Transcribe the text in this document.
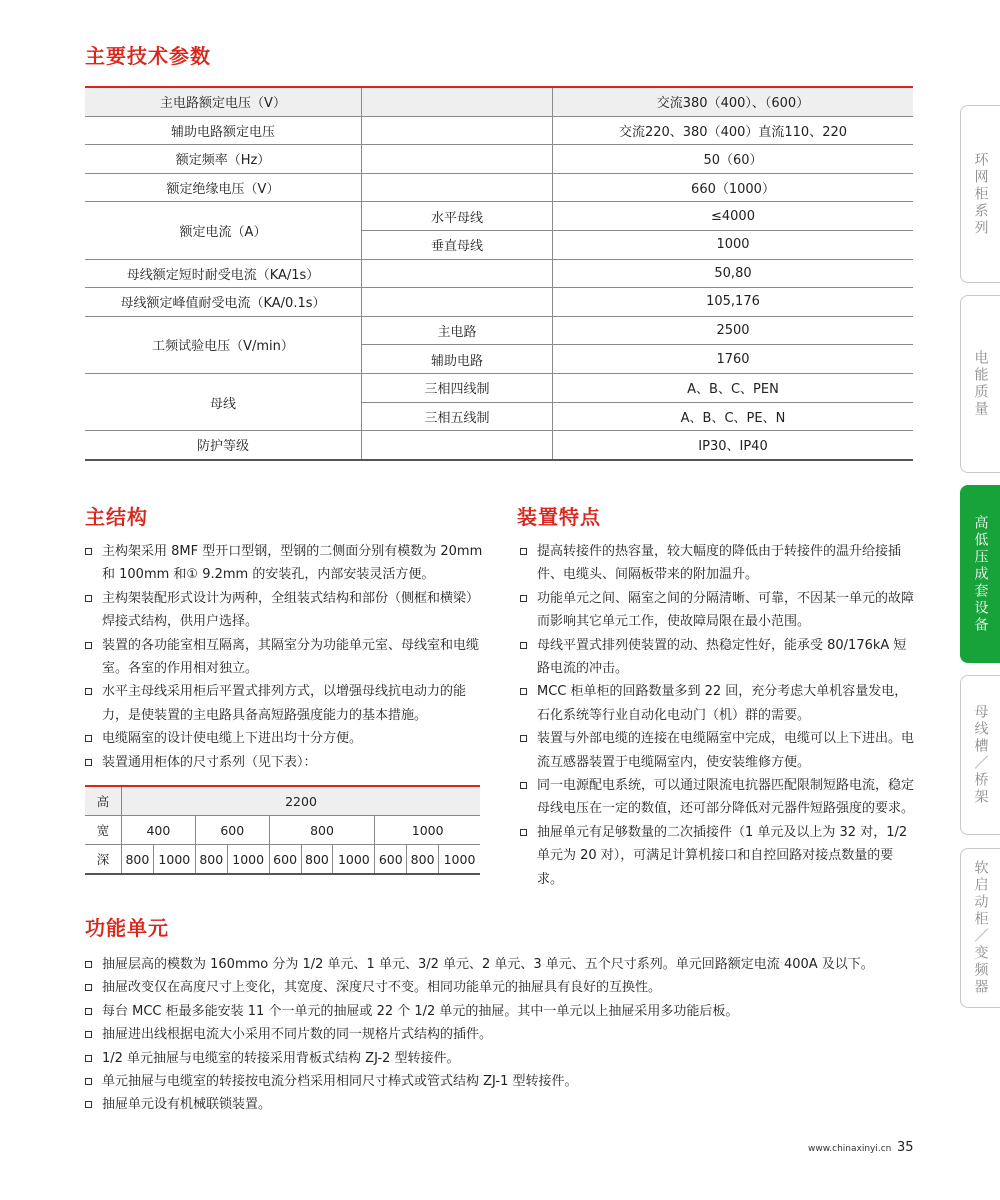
主要技术参数
主结构	装置特点
功能单元
主电路额定电压（V）		交流380（400）、（600）
辅助电路额定电压		交流220、380（400）直流110、220
额定频率（Hz）		50（60）
额定绝缘电压（V）		660（1000）
额定电流（A）	水平母线	≤4000
	垂直母线	1000
母线额定短时耐受电流（KA/1s）		50,80
母线额定峰值耐受电流（KA/0.1s）		105,176
工频试验电压（V/min）	主电路	2500
	辅助电路	1760
母线	三相四线制	A、B、C、PEN
	三相五线制	A、B、C、PE、N
防护等级		IP30、IP40
主构架采用 8MF 型开口型钢，型钢的二侧面分别有模数为 20mm 和 100mm 和① 9.2mm 的安装孔，内部安装灵活方便。
主构架装配形式设计为两种，全组装式结构和部份（侧框和横梁）焊接式结构，供用户选择。
装置的各功能室相互隔离，其隔室分为功能单元室、母线室和电缆室。各室的作用相对独立。
水平主母线采用柜后平置式排列方式，以增强母线抗电动力的能力，是使装置的主电路具备高短路强度能力的基本措施。
电缆隔室的设计使电缆上下进出均十分方便。
装置通用柜体的尺寸系列（见下表）：
高	2200									
宽	400		600		800			1000		
深	800	1000	800	1000	600	800	1000	600	800	1000
提高转接件的热容量，较大幅度的降低由于转接件的温升给接插件、电缆头、间隔板带来的附加温升。
功能单元之间、隔室之间的分隔清晰、可靠，不因某一单元的故障而影响其它单元工作，使故障局限在最小范围。
母线平置式排列使装置的动、热稳定性好，能承受 80/176kA 短路电流的冲击。
MCC 柜单柜的回路数量多到 22 回，充分考虑大单机容量发电，石化系统等行业自动化电动门（机）群的需要。
装置与外部电缆的连接在电缆隔室中完成，电缆可以上下进出。电流互感器装置于电缆隔室内，使安装维修方便。
同一电源配电系统，可以通过限流电抗器匹配限制短路电流，稳定母线电压在一定的数值，还可部分降低对元器件短路强度的要求。
抽屉单元有足够数量的二次插接件（1 单元及以上为 32 对，1/2 单元为 20 对），可满足计算机接口和自控回路对接点数量的要求。
抽屉层高的模数为 160mmo 分为 1/2 单元、1 单元、3/2 单元、2 单元、3 单元、五个尺寸系列。单元回路额定电流 400A 及以下。
抽屉改变仅在高度尺寸上变化，其宽度、深度尺寸不变。相同功能单元的抽屉具有良好的互换性。
每台 MCC 柜最多能安装 11 个一单元的抽屉或 22 个 1/2 单元的抽屉。其中一单元以上抽屉采用多功能后板。
抽屉进出线根据电流大小采用不同片数的同一规格片式结构的插件。
1/2 单元抽屉与电缆室的转接采用背板式结构 ZJ-2 型转接件。
单元抽屉与电缆室的转接按电流分档采用相同尺寸棒式或管式结构 ZJ-1 型转接件。
抽屉单元设有机械联锁装置。
环网柜系列
电能质量
高低压成套设备
母线槽／桥架
软启动柜／变频器
www.chinaxinyi.cn 35
